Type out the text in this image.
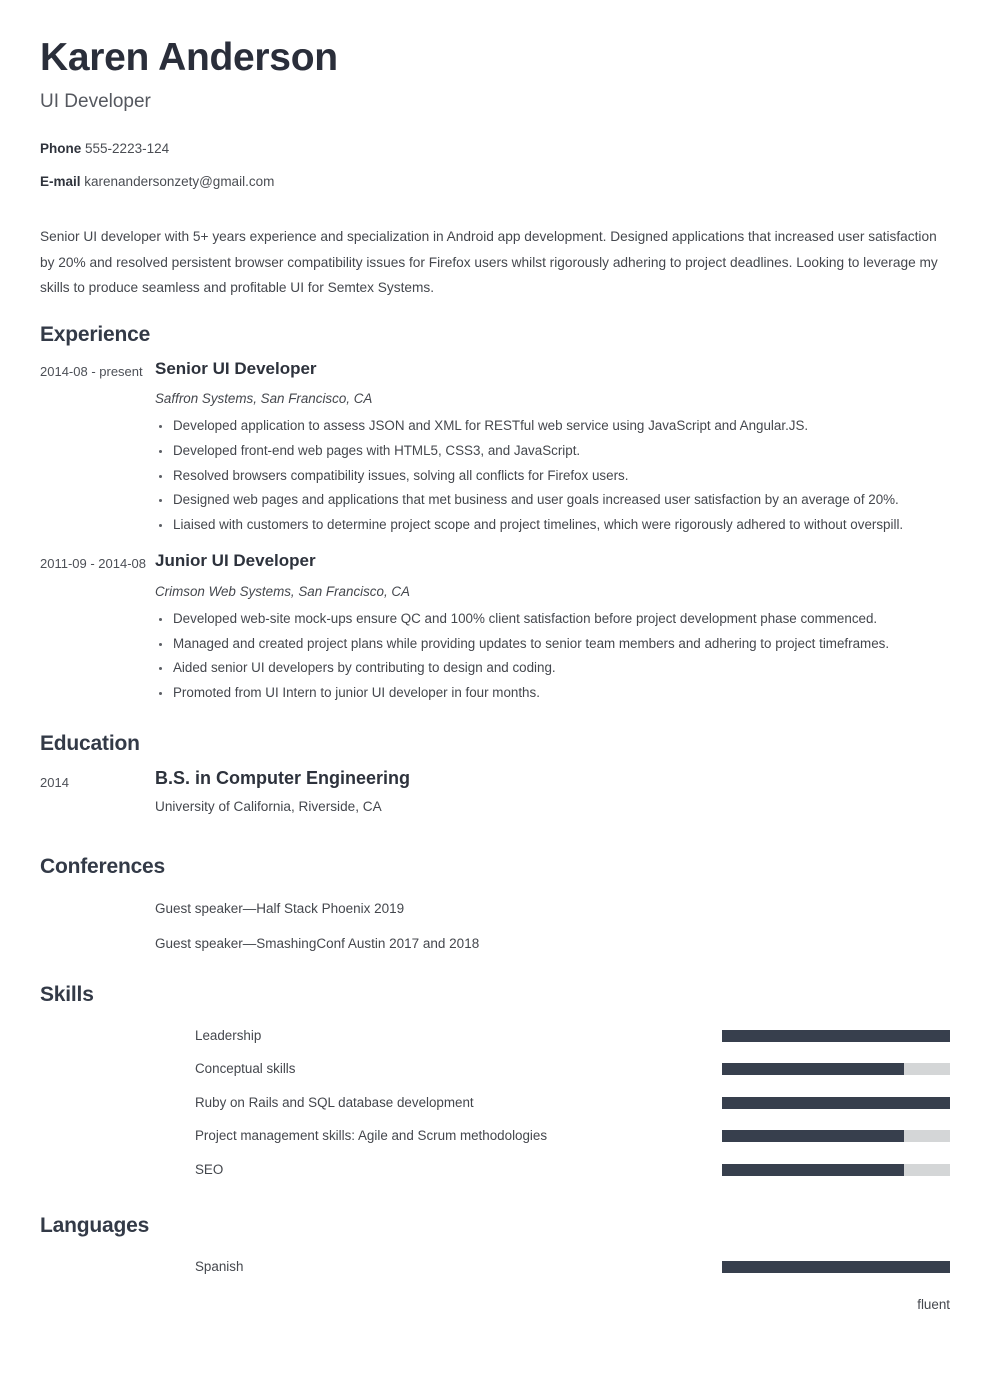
Karen Anderson
UI Developer
Phone 555-2223-124
E-mail karenandersonzety@gmail.com
Senior UI developer with 5+ years experience and specialization in Android app development. Designed applications that increased user satisfaction by 20% and resolved persistent browser compatibility issues for Firefox users whilst rigorously adhering to project deadlines. Looking to leverage my skills to produce seamless and profitable UI for Semtex Systems.
Experience
2014-08 - present Senior UI Developer
Saffron Systems, San Francisco, CA
Developed application to assess JSON and XML for RESTful web service using JavaScript and Angular.JS.
Developed front-end web pages with HTML5, CSS3, and JavaScript.
Resolved browsers compatibility issues, solving all conflicts for Firefox users.
Designed web pages and applications that met business and user goals increased user satisfaction by an average of 20%.
Liaised with customers to determine project scope and project timelines, which were rigorously adhered to without overspill.
2011-09 - 2014-08 Junior UI Developer
Crimson Web Systems, San Francisco, CA
Developed web-site mock-ups ensure QC and 100% client satisfaction before project development phase commenced.
Managed and created project plans while providing updates to senior team members and adhering to project timeframes.
Aided senior UI developers by contributing to design and coding.
Promoted from UI Intern to junior UI developer in four months.
Education
2014	B.S. in Computer Engineering
University of California, Riverside, CA
Conferences
Guest speaker—Half Stack Phoenix 2019
Guest speaker—SmashingConf Austin 2017 and 2018
Skills
Leadership
Conceptual skills
Ruby on Rails and SQL database development
Project management skills: Agile and Scrum methodologies
SEO
Languages
Spanish
fluent
